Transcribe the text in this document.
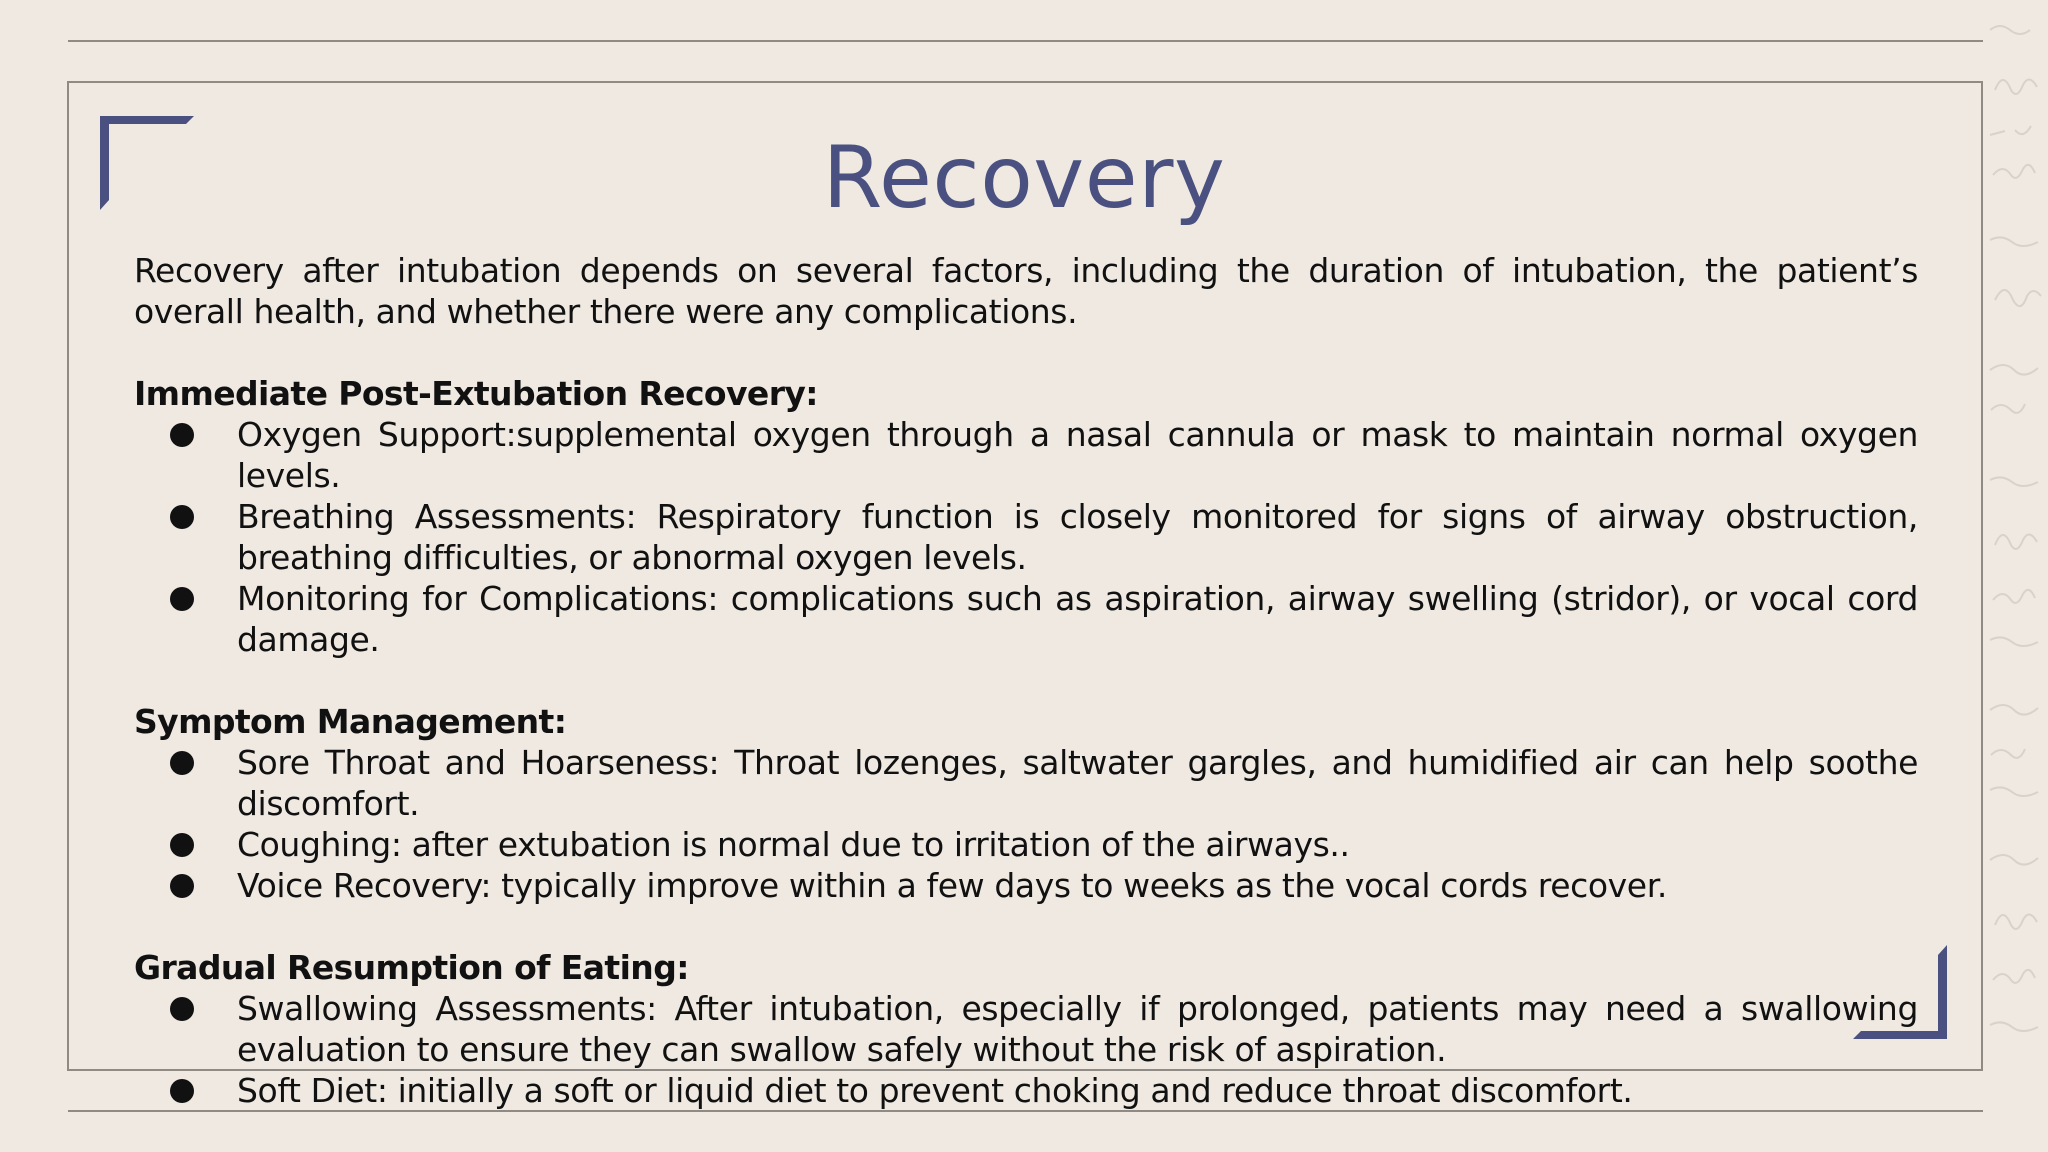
Recovery

Recovery after intubation depends on several factors, including the duration of intubation, the patient’s overall health, and whether there were any complications.

Immediate Post-Extubation Recovery:
Oxygen Support:supplemental oxygen through a nasal cannula or mask to maintain normal oxygen levels.
Breathing Assessments: Respiratory function is closely monitored for signs of airway obstruction, breathing difficulties, or abnormal oxygen levels.
Monitoring for Complications: complications such as aspiration, airway swelling (stridor), or vocal cord damage.
Symptom Management:
Sore Throat and Hoarseness: Throat lozenges, saltwater gargles, and humidified air can help soothe discomfort.
Coughing: after extubation is normal due to irritation of the airways..
Voice Recovery: typically improve within a few days to weeks as the vocal cords recover.
Gradual Resumption of Eating:
Swallowing Assessments: After intubation, especially if prolonged, patients may need a swallowing evaluation to ensure they can swallow safely without the risk of aspiration.
Soft Diet: initially a soft or liquid diet to prevent choking and reduce throat discomfort.
